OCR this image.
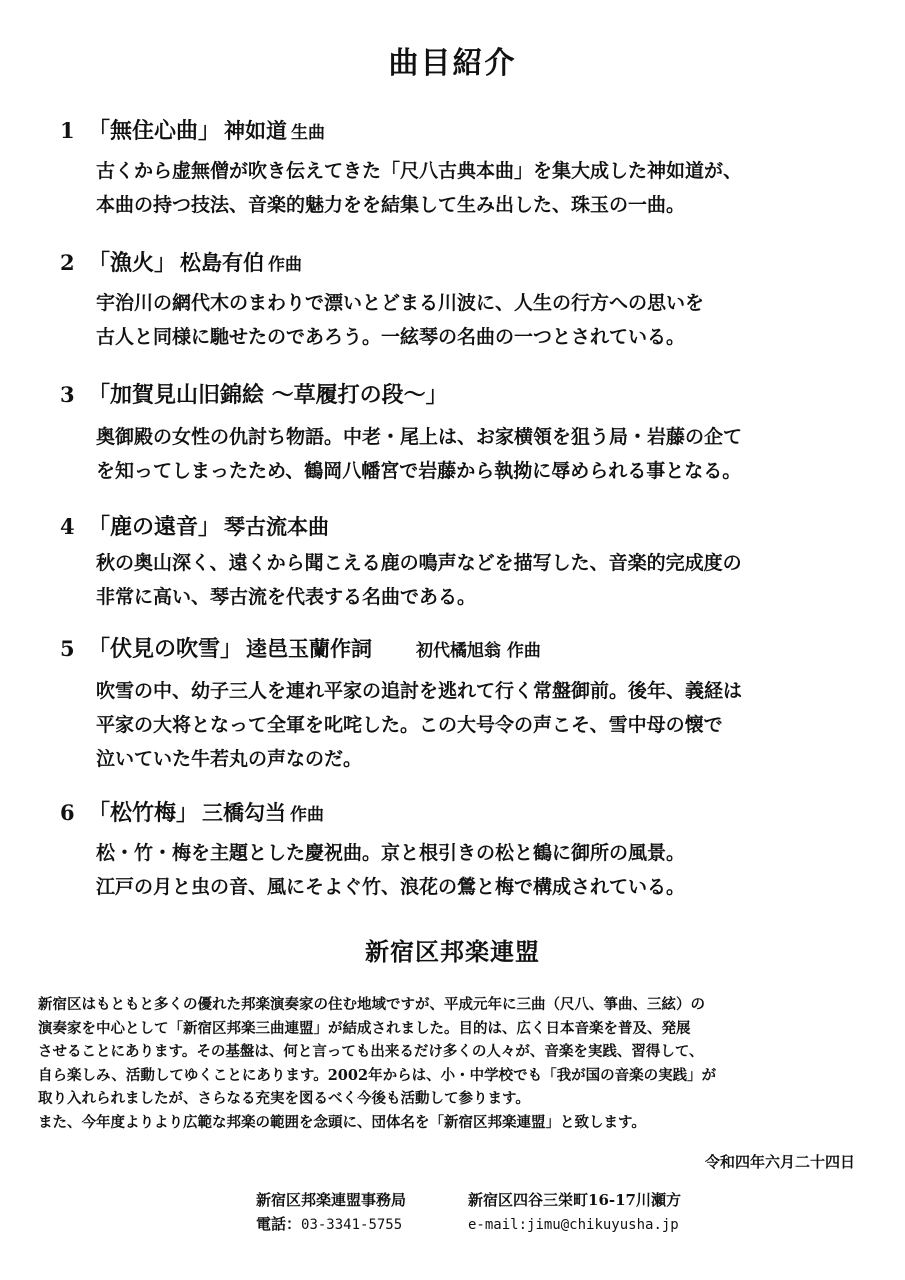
曲目紹介
1 「無住心曲」 神如道 生曲
古くから虚無僧が吹き伝えてきた「尺八古典本曲」を集大成した神如道が、
本曲の持つ技法、音楽的魅力をを結集して生み出した、珠玉の一曲。
2 「漁火」 松島有伯 作曲
宇治川の網代木のまわりで漂いとどまる川波に、人生の行方への思いを
古人と同様に馳せたのであろう。一絃琴の名曲の一つとされている。
3 「加賀見山旧錦絵 ～草履打の段～」
奥御殿の女性の仇討ち物語。中老・尾上は、お家横領を狙う局・岩藤の企て
を知ってしまったため、鶴岡八幡宮で岩藤から執拗に辱められる事となる。
4 「鹿の遠音」 琴古流本曲
秋の奥山深く、遠くから聞こえる鹿の鳴声などを描写した、音楽的完成度の
非常に高い、琴古流を代表する名曲である。
5 「伏見の吹雪」 逵邑玉蘭作詞	初代橘旭翁 作曲
吹雪の中、幼子三人を連れ平家の追討を逃れて行く常盤御前。後年、義経は
平家の大将となって全軍を叱咤した。この大号令の声こそ、雪中母の懐で
泣いていた牛若丸の声なのだ。
6 「松竹梅」 三橋勾当 作曲
松・竹・梅を主題とした慶祝曲。京と根引きの松と鶴に御所の風景。
江戸の月と虫の音、風にそよぐ竹、浪花の鶯と梅で構成されている。
新宿区邦楽連盟
新宿区はもともと多くの優れた邦楽演奏家の住む地域ですが、平成元年に三曲（尺八、箏曲、三絃）の
演奏家を中心として「新宿区邦楽三曲連盟」が結成されました。目的は、広く日本音楽を普及、発展
させることにあります。その基盤は、何と言っても出来るだけ多くの人々が、音楽を実践、習得して、
自ら楽しみ、活動してゆくことにあります。2002年からは、小・中学校でも「我が国の音楽の実践」が
取り入れられましたが、さらなる充実を図るべく今後も活動して参ります。
また、今年度よりより広範な邦楽の範囲を念頭に、団体名を「新宿区邦楽連盟」と致します。
令和四年六月二十四日
新宿区邦楽連盟事務局	新宿区四谷三栄町16-17川瀬方
電話：03-3341-5755	e-mail:jimu@chikuyusha.jp
